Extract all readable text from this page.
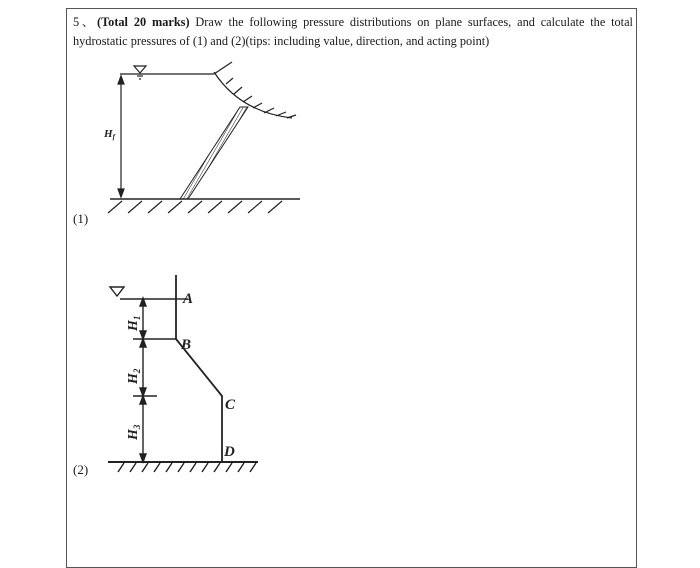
5、(Total 20 marks) Draw the following pressure distributions on plane surfaces, and calculate the total hydrostatic pressures of (1) and (2)(tips: including value, direction, and acting point)
(1)
(2)
Hf
A
B
C
D
$H_1$
$H_2$
$H_3$
